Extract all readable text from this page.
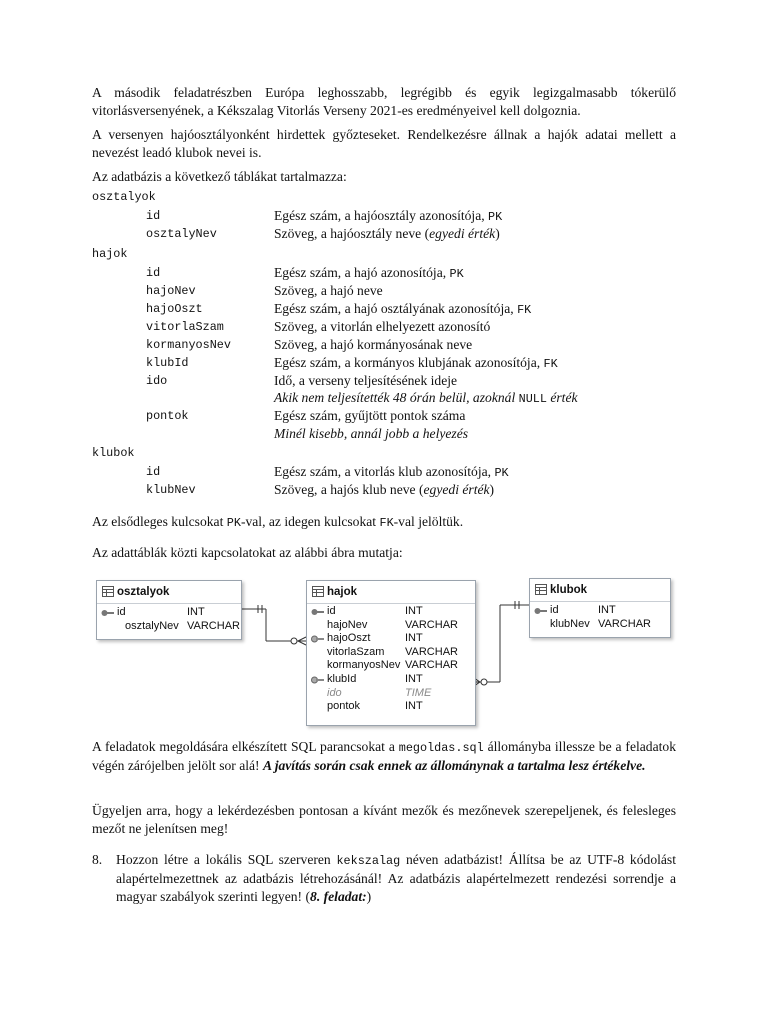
A második feladatrészben Európa leghosszabb, legrégibb és egyik legizgalmasabb tókerülő vitorlásversenyének, a Kékszalag Vitorlás Verseny 2021-es eredményeivel kell dolgoznia.

A versenyen hajóosztályonként hirdettek győzteseket. Rendelkezésre állnak a hajók adatai mellett a nevezést leadó klubok nevei is.

Az adatbázis a következő táblákat tartalmazza:

osztalyok
id	Egész szám, a hajóosztály azonosítója, PK
osztalyNev	Szöveg, a hajóosztály neve (egyedi érték)
hajok
id	Egész szám, a hajó azonosítója, PK
hajoNev	Szöveg, a hajó neve
hajoOszt	Egész szám, a hajó osztályának azonosítója, FK
vitorlaSzam	Szöveg, a vitorlán elhelyezett azonosító
kormanyosNev	Szöveg, a hajó kormányosának neve
klubId	Egész szám, a kormányos klubjának azonosítója, FK
ido	Idő, a verseny teljesítésének ideje
Akik nem teljesítették 48 órán belül, azoknál NULL érték
pontok	Egész szám, gyűjtött pontok száma
Minél kisebb, annál jobb a helyezés
klubok
id	Egész szám, a vitorlás klub azonosítója, PK
klubNev	Szöveg, a hajós klub neve (egyedi érték)

Az elsődleges kulcsokat PK-val, az idegen kulcsokat FK-val jelöltük.

Az adattáblák közti kapcsolatokat az alábbi ábra mutatja:

osztalyok
id	INT
osztalyNev VARCHAR
hajok
id	INT
hajoNev	VARCHAR
hajoOszt	INT
vitorlaSzam VARCHAR
kormanyosNev VARCHAR
klubId	INT
ido	TIME
pontok	INT
klubok
id	INT
klubNev VARCHAR

A feladatok megoldására elkészített SQL parancsokat a megoldas.sql állományba illessze be a feladatok végén zárójelben jelölt sor alá! A javítás során csak ennek az állománynak a tartalma lesz értékelve.

Ügyeljen arra, hogy a lekérdezésben pontosan a kívánt mezők és mezőnevek szerepeljenek, és felesleges mezőt ne jelenítsen meg!

8. Hozzon létre a lokális SQL szerveren kekszalag néven adatbázist! Állítsa be az UTF-8 kódolást alapértelmezettnek az adatbázis létrehozásánál! Az adatbázis alapértelmezett rendezési sorrendje a magyar szabályok szerinti legyen! (8. feladat:)
